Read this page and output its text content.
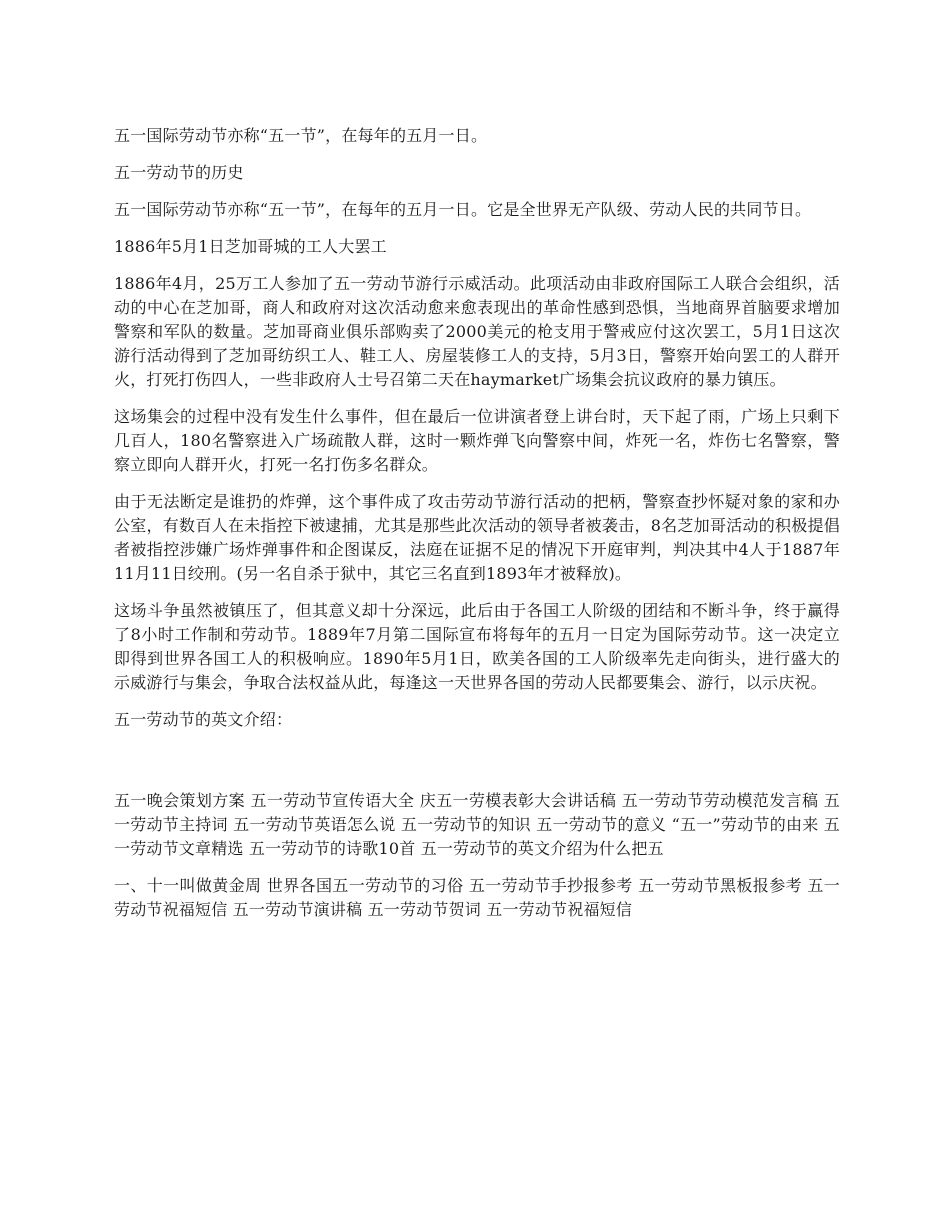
五一国际劳动节亦称“五一节”，在每年的五月一日。

五一劳动节的历史

五一国际劳动节亦称“五一节”，在每年的五月一日。它是全世界无产队级、劳动人民的共同节日。

1886年5月1日芝加哥城的工人大罢工

1886年4月，25万工人参加了五一劳动节游行示威活动。此项活动由非政府国际工人联合会组织，活动的中心在芝加哥，商人和政府对这次活动愈来愈表现出的革命性感到恐惧，当地商界首脑要求增加警察和军队的数量。芝加哥商业俱乐部购卖了2000美元的枪支用于警戒应付这次罢工，5月1日这次游行活动得到了芝加哥纺织工人、鞋工人、房屋装修工人的支持，5月3日，警察开始向罢工的人群开火，打死打伤四人，一些非政府人士号召第二天在haymarket广场集会抗议政府的暴力镇压。

这场集会的过程中没有发生什么事件，但在最后一位讲演者登上讲台时，天下起了雨，广场上只剩下几百人，180名警察进入广场疏散人群，这时一颗炸弹飞向警察中间，炸死一名，炸伤七名警察，警察立即向人群开火，打死一名打伤多名群众。

由于无法断定是谁扔的炸弹，这个事件成了攻击劳动节游行活动的把柄，警察查抄怀疑对象的家和办公室，有数百人在未指控下被逮捕，尤其是那些此次活动的领导者被袭击，8名芝加哥活动的积极提倡者被指控涉嫌广场炸弹事件和企图谋反，法庭在证据不足的情况下开庭审判，判决其中4人于1887年11月11日绞刑。(另一名自杀于狱中，其它三名直到1893年才被释放)。

这场斗争虽然被镇压了，但其意义却十分深远，此后由于各国工人阶级的团结和不断斗争，终于赢得了8小时工作制和劳动节。1889年7月第二国际宣布将每年的五月一日定为国际劳动节。这一决定立即得到世界各国工人的积极响应。1890年5月1日，欧美各国的工人阶级率先走向街头，进行盛大的示威游行与集会，争取合法权益从此，每逢这一天世界各国的劳动人民都要集会、游行，以示庆祝。

五一劳动节的英文介绍：

五一晚会策划方案 五一劳动节宣传语大全 庆五一劳模表彰大会讲话稿 五一劳动节劳动模范发言稿 五一劳动节主持词 五一劳动节英语怎么说 五一劳动节的知识 五一劳动节的意义 “五一”劳动节的由来 五一劳动节文章精选 五一劳动节的诗歌10首 五一劳动节的英文介绍为什么把五

一、十一叫做黄金周 世界各国五一劳动节的习俗 五一劳动节手抄报参考 五一劳动节黑板报参考 五一劳动节祝福短信 五一劳动节演讲稿 五一劳动节贺词 五一劳动节祝福短信
